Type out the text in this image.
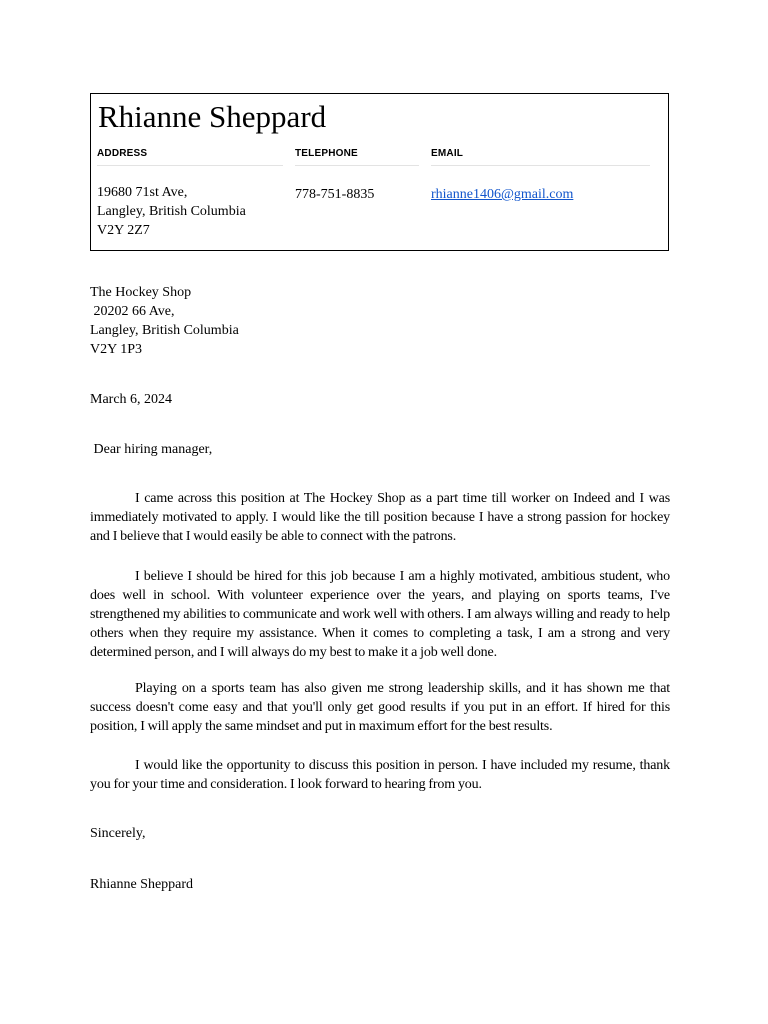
Rhianne Sheppard
ADDRESS
19680 71st Ave,
Langley, British Columbia
V2Y 2Z7
TELEPHONE
778-751-8835
EMAIL
rhianne1406@gmail.com
The Hockey Shop
20202 66 Ave,
Langley, British Columbia
V2Y 1P3
March 6, 2024
Dear hiring manager,
I came across this position at The Hockey Shop as a part time till worker on Indeed and I was immediately motivated to apply. I would like the till position because I have a strong passion for hockey and I believe that I would easily be able to connect with the patrons.
I believe I should be hired for this job because I am a highly motivated, ambitious student, who does well in school. With volunteer experience over the years, and playing on sports teams, I've strengthened my abilities to communicate and work well with others. I am always willing and ready to help others when they require my assistance. When it comes to completing a task, I am a strong and very determined person, and I will always do my best to make it a job well done.
Playing on a sports team has also given me strong leadership skills, and it has shown me that success doesn't come easy and that you'll only get good results if you put in an effort. If hired for this position, I will apply the same mindset and put in maximum effort for the best results.
I would like the opportunity to discuss this position in person. I have included my resume, thank you for your time and consideration. I look forward to hearing from you.
Sincerely,
Rhianne Sheppard
